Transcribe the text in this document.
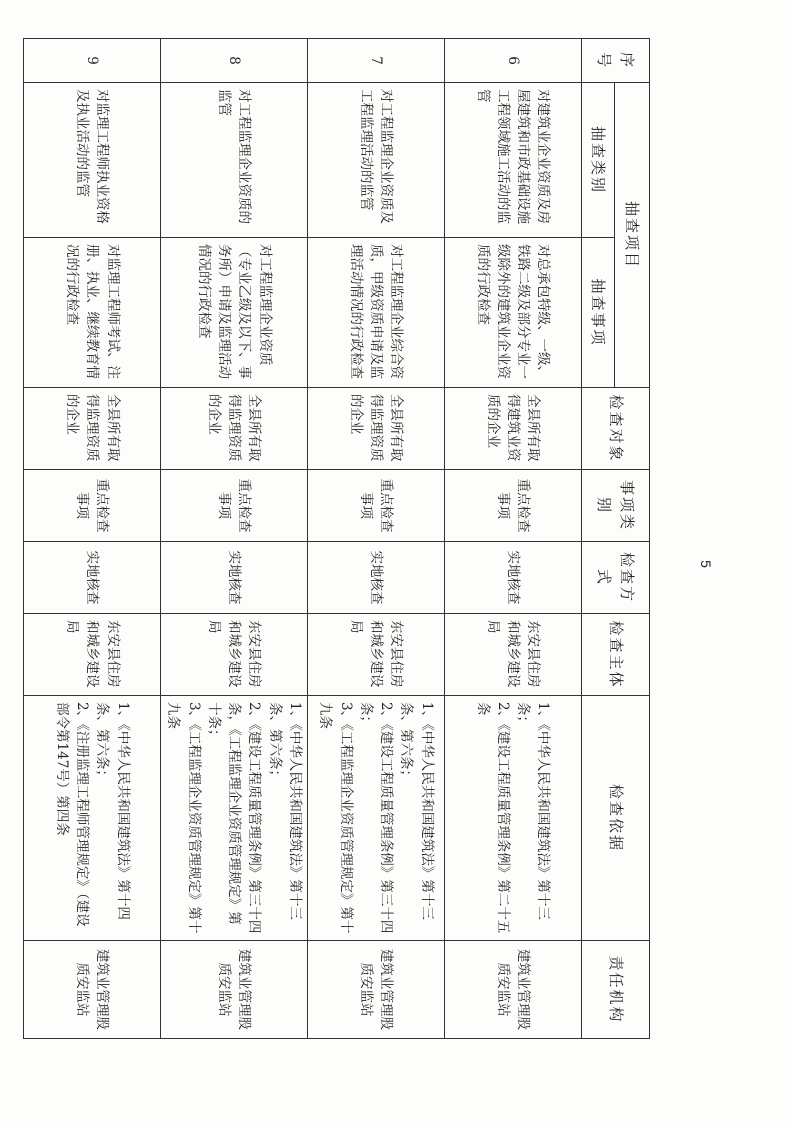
序号	抽查项目		检查对象	事项类别	检查方式	检查主体	检查依据	责任机构
	抽查类别	抽查事项						
6	对建筑业企业资质及房屋建筑和市政基础设施工程领域施工活动的监管	对总承包特级、一级、铁路二级及部分专业一级除外的建筑业企业资质的行政检查	全县所有取得建筑业资质的企业	重点检查事项	实地核查	东安县住房和城乡建设局	1、《中华人民共和国建筑法》第十三条；
2、《建设工程质量管理条例》第二十五条	建筑业管理股
质安监站
7	对工程监理企业资质及工程监理活动的监管	对工程监理企业综合资质，甲级资质申请及监理活动情况的行政检查	全县所有取得监理资质的企业	重点检查事项	实地核查	东安县住房和城乡建设局	1、《中华人民共和国建筑法》第十三条、第六条；
2、《建设工程质量管理条例》第三十四条；
3、《工程监理企业资质管理规定》第十九条	建筑业管理股
质安监站
8	对工程监理企业资质的监管	对工程监理企业资质（专业乙级及以下、事务所）申请及监理活动情况的行政检查	全县所有取得监理资质的企业	重点检查事项	实地核查	东安县住房和城乡建设局	1、《中华人民共和国建筑法》第十三条、第六条；
2、《建设工程质量管理条例》第三十四条，《工程监理企业资质管理规定》第十条；
3、《工程监理企业资质管理规定》第十九条	建筑业管理股
质安监站
9	对监理工程师执业资格及执业活动的监管	对监理工程师考试、注册、执业、继续教育情况的行政检查	全县所有取得监理资质的企业	重点检查事项	实地核查	东安县住房和城乡建设局	1、《中华人民共和国建筑法》第十四条、第六条；
2、《注册监理工程师管理规定》（建设部令第147号）第四条	建筑业管理股
质安监站
5
